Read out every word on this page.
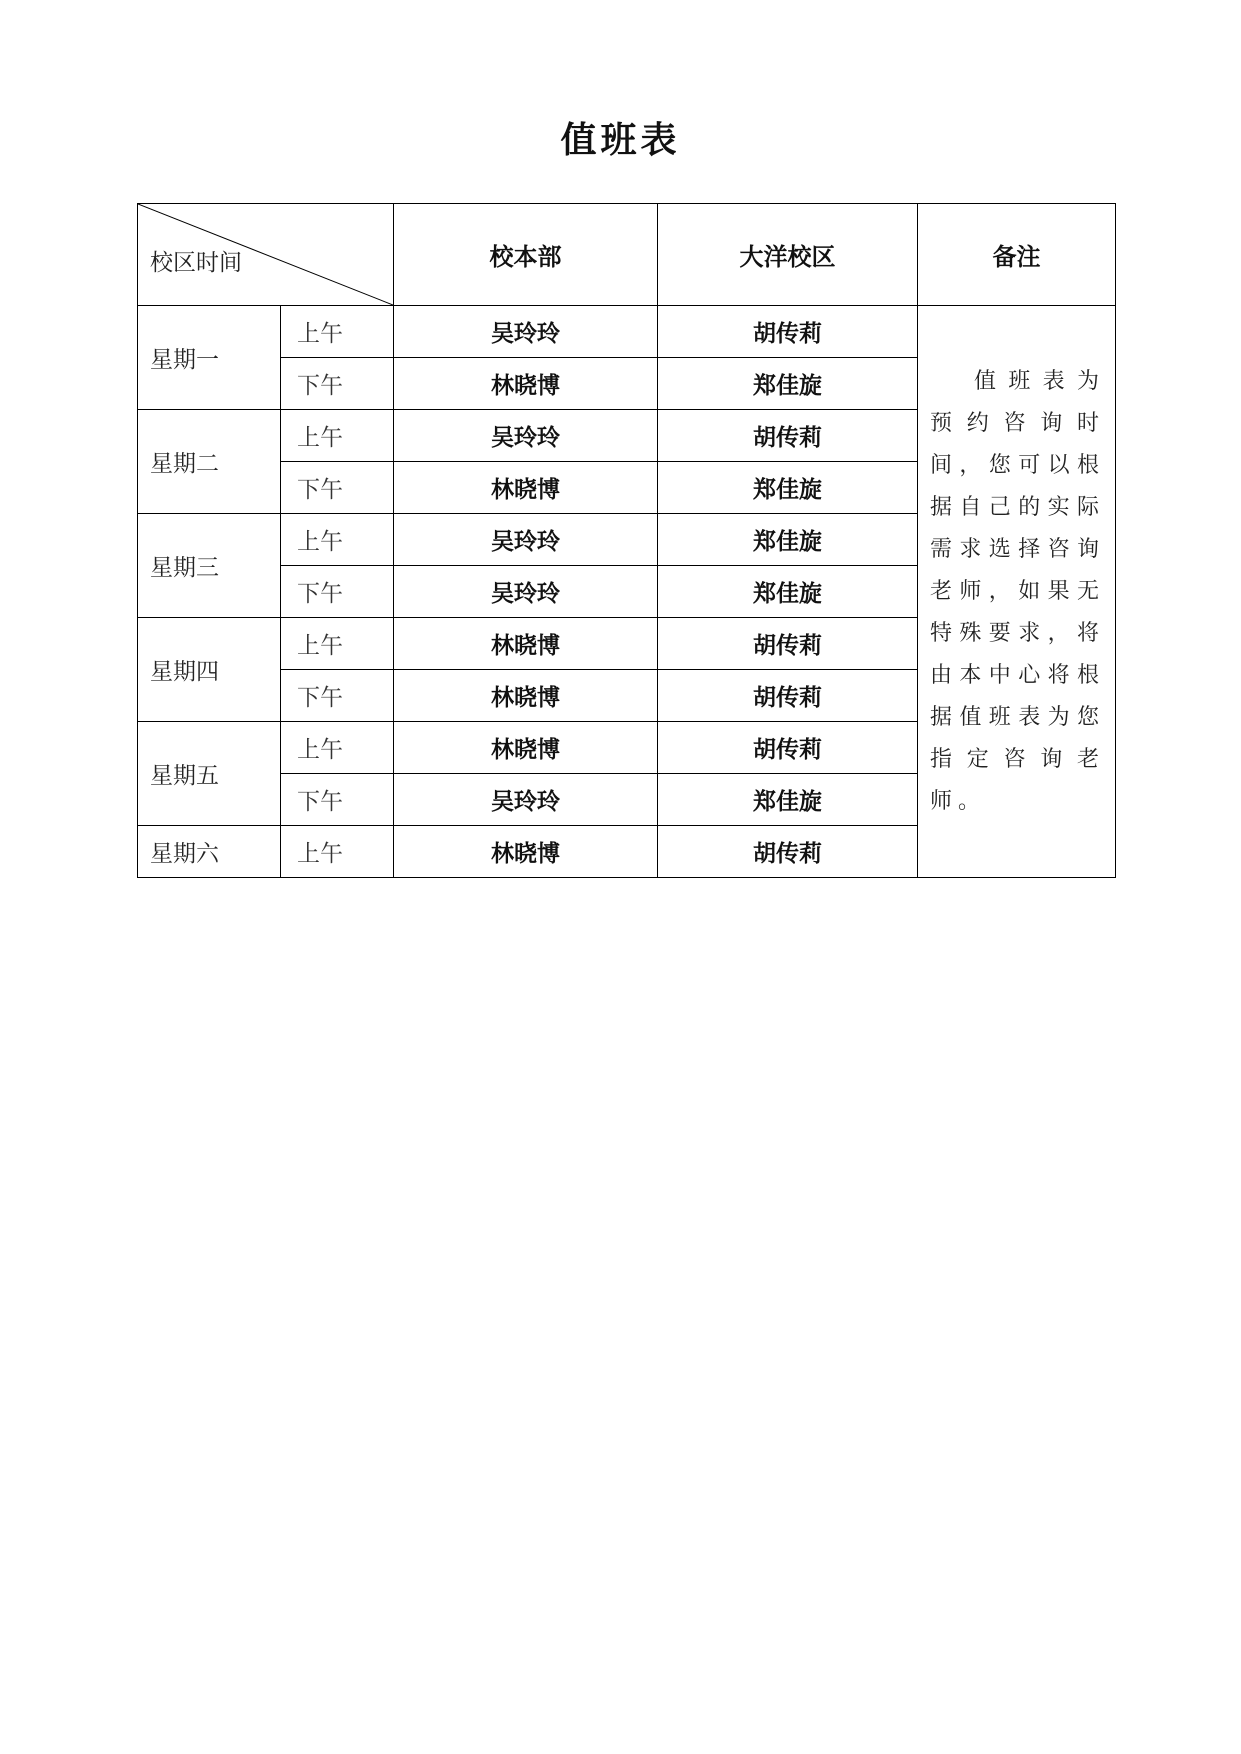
值班表
校区时间		校本部	大洋校区	备注
星期一	上午	吴玲玲	胡传莉	值班表为预约咨询时间，您可以根据自己的实际需求选择咨询老师，如果无特殊要求，将由本中心将根据值班表为您指定咨询老师。
	下午	林晓博	郑佳旋	
星期二	上午	吴玲玲	胡传莉	
	下午	林晓博	郑佳旋	
星期三	上午	吴玲玲	郑佳旋	
	下午	吴玲玲	郑佳旋	
星期四	上午	林晓博	胡传莉	
	下午	林晓博	胡传莉	
星期五	上午	林晓博	胡传莉	
	下午	吴玲玲	郑佳旋	
星期六	上午	林晓博	胡传莉	
